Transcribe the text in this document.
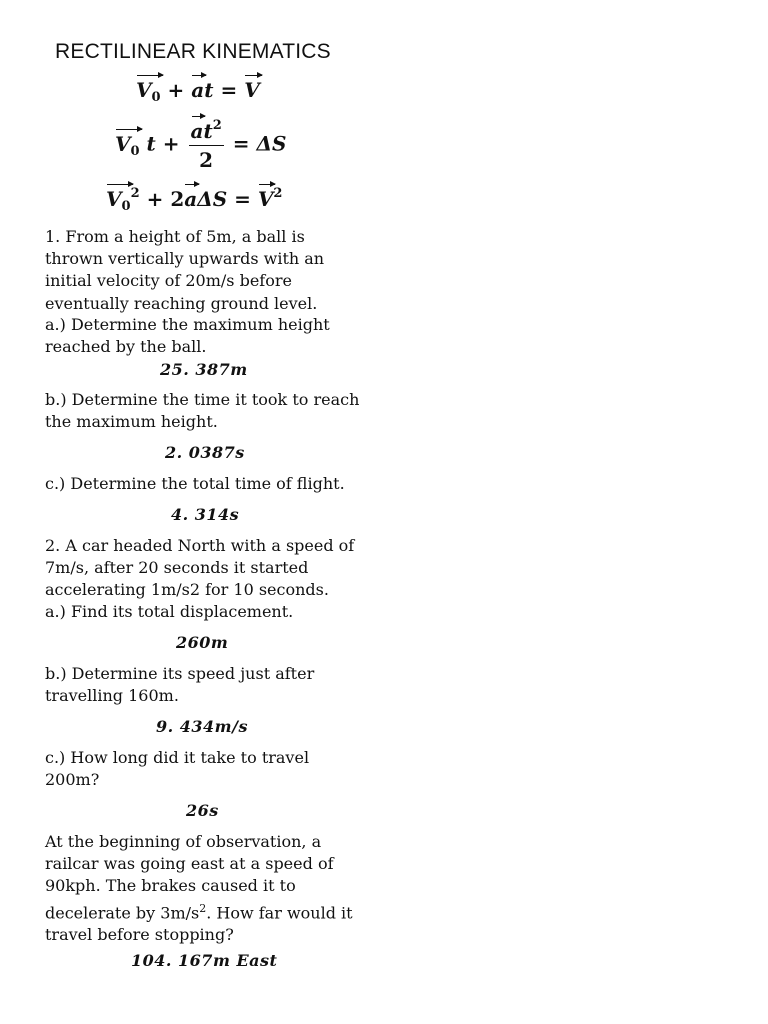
RECTILINEAR KINEMATICS
$V_0$ + at = V
$V_0$ $t + \frac{at^2}{2} = \Delta S$
$V_0^2 + 2a\Delta S = V^2$
1. From a height of 5m, a ball is thrown vertically upwards with an initial velocity of 20m/s before eventually reaching ground level.
a.) Determine the maximum height reached by the ball.
25. 387m
b.) Determine the time it took to reach the maximum height.
2. 0387s
c.) Determine the total time of flight.
4. 314s
2. A car headed North with a speed of 7m/s, after 20 seconds it started accelerating 1m/s2 for 10 seconds.
a.) Find its total displacement.
260m
b.) Determine its speed just after travelling 160m.
9. 434m/s
c.) How long did it take to travel 200m?
26s
At the beginning of observation, a railcar was going east at a speed of 90kph. The brakes caused it to decelerate by $3m/s^2$. How far would it travel before stopping?
104. 167m East
